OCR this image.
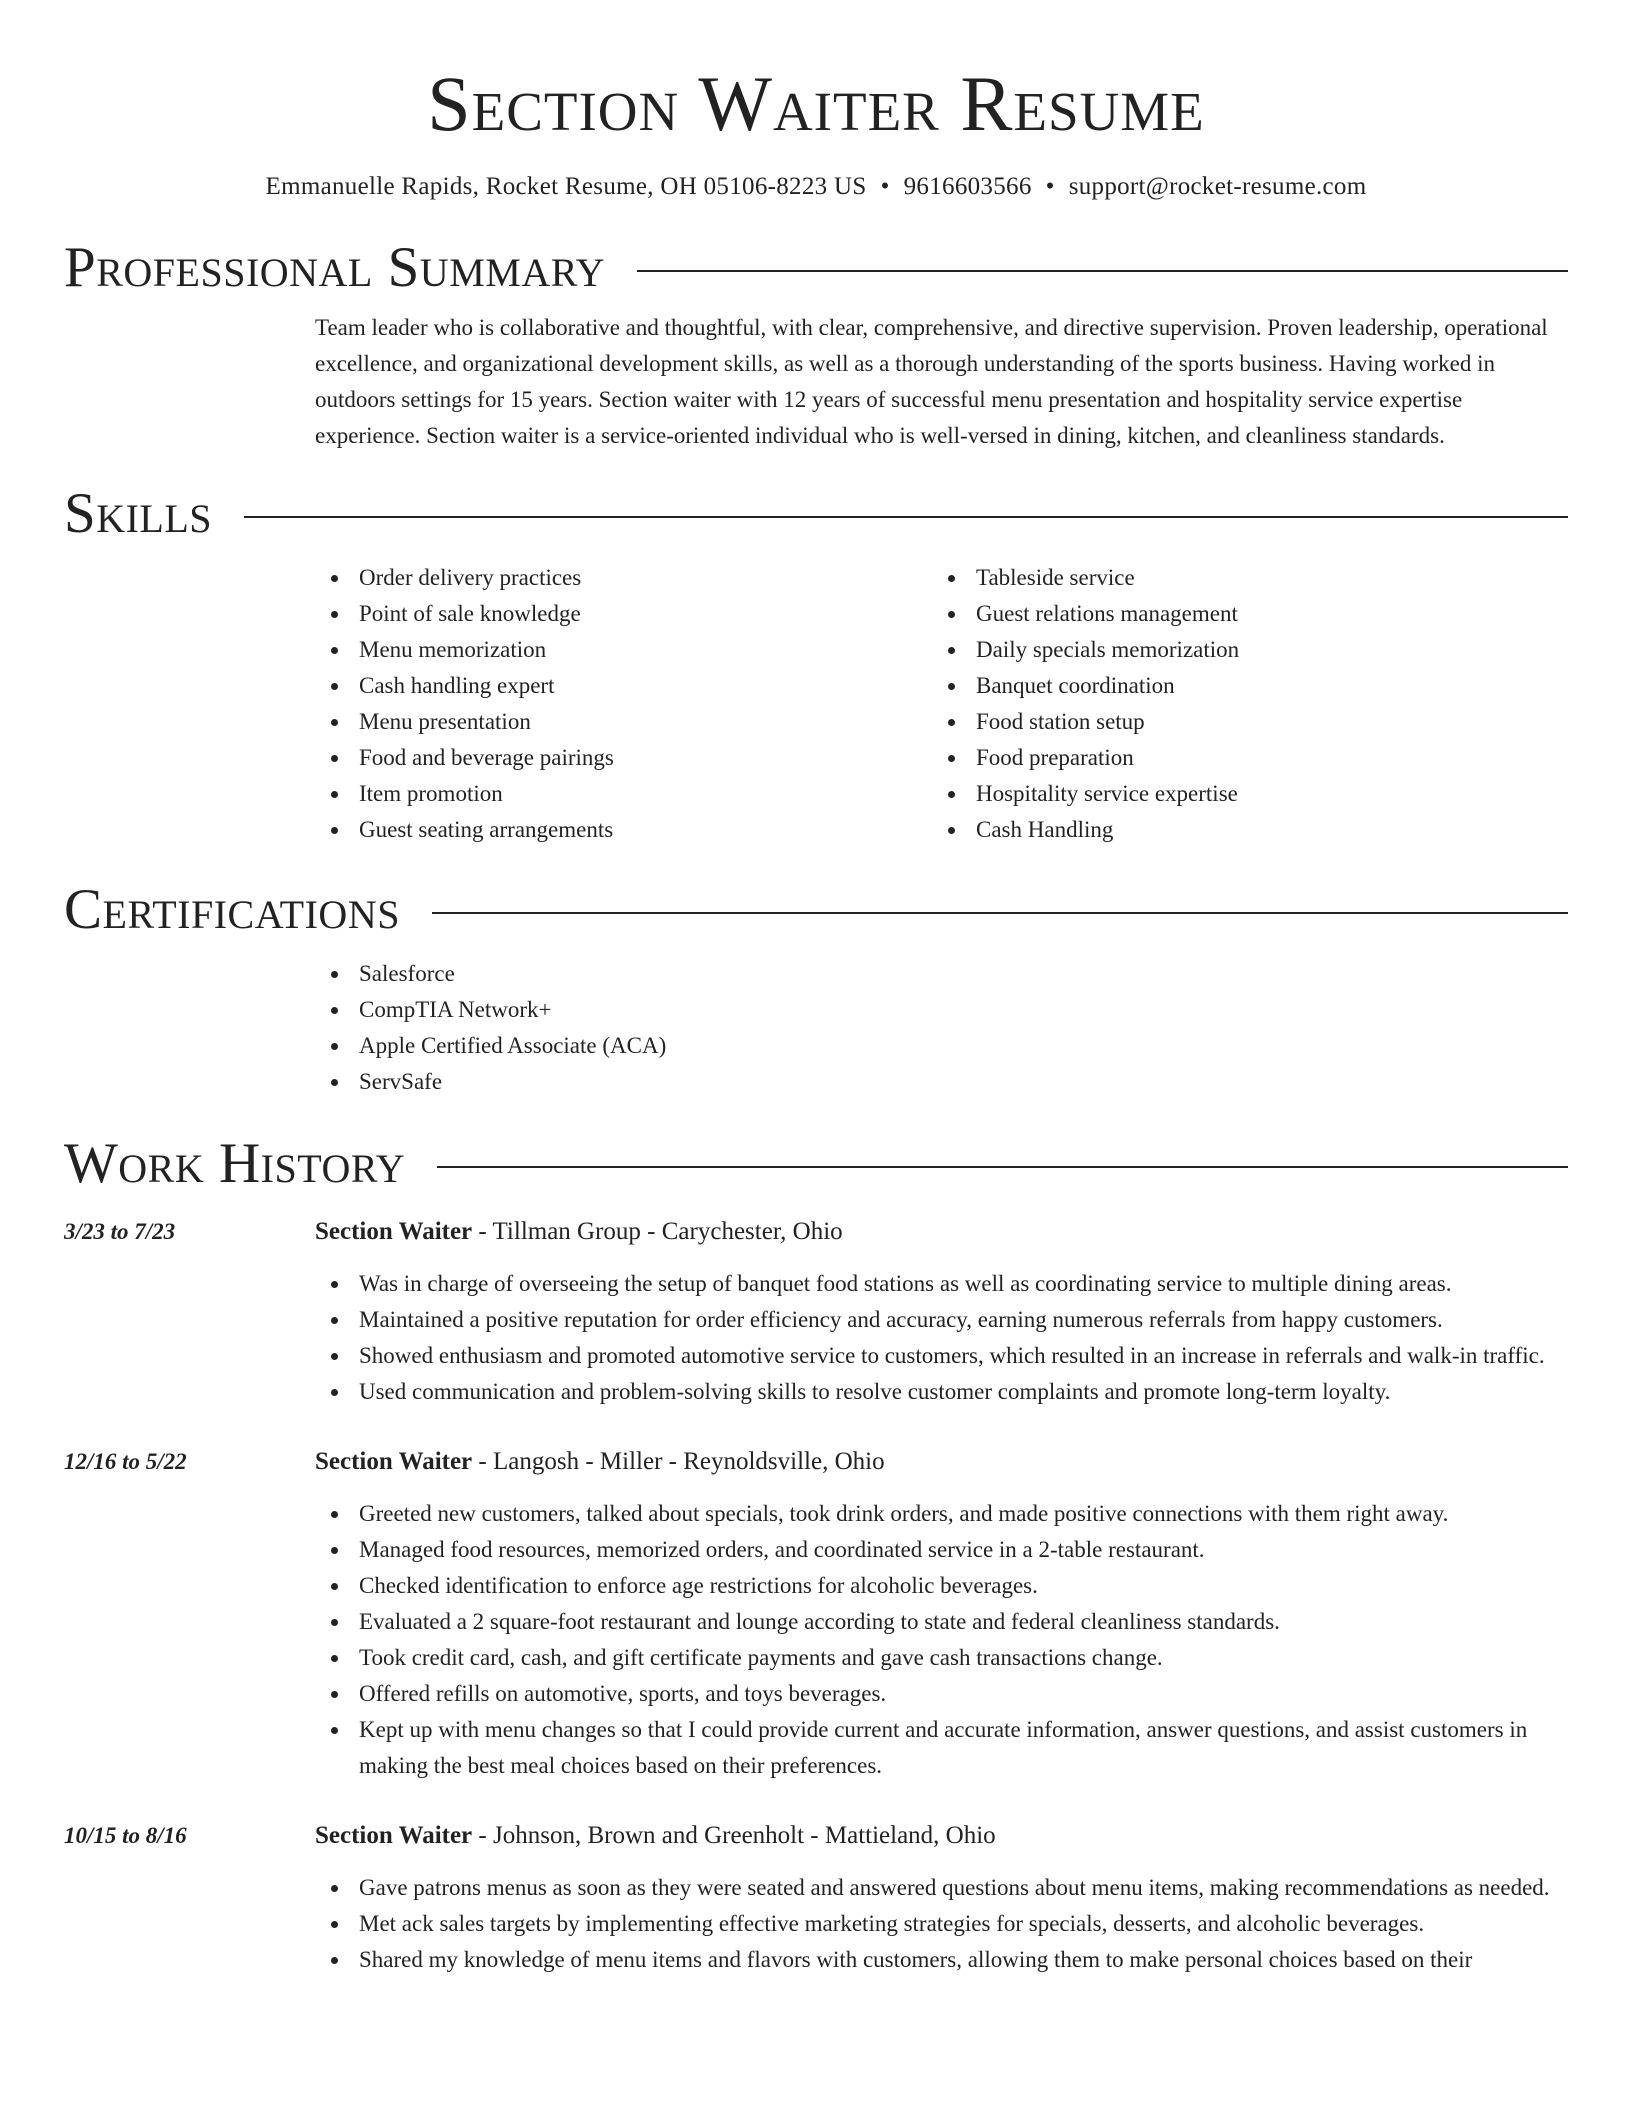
Section Waiter Resume
Emmanuelle Rapids, Rocket Resume, OH 05106-8223 US • 9616603566 • support@rocket-resume.com
Professional Summary
Team leader who is collaborative and thoughtful, with clear, comprehensive, and directive supervision. Proven leadership, operational excellence, and organizational development skills, as well as a thorough understanding of the sports business. Having worked in outdoors settings for 15 years. Section waiter with 12 years of successful menu presentation and hospitality service expertise experience. Section waiter is a service-oriented individual who is well-versed in dining, kitchen, and cleanliness standards.
Skills
Order delivery practices
Point of sale knowledge
Menu memorization
Cash handling expert
Menu presentation
Food and beverage pairings
Item promotion
Guest seating arrangements
Tableside service
Guest relations management
Daily specials memorization
Banquet coordination
Food station setup
Food preparation
Hospitality service expertise
Cash Handling
Certifications
Salesforce
CompTIA Network+
Apple Certified Associate (ACA)
ServSafe
Work History
3/23 to 7/23	Section Waiter - Tillman Group - Carychester, Ohio
Was in charge of overseeing the setup of banquet food stations as well as coordinating service to multiple dining areas.
Maintained a positive reputation for order efficiency and accuracy, earning numerous referrals from happy customers.
Showed enthusiasm and promoted automotive service to customers, which resulted in an increase in referrals and walk-in traffic.
Used communication and problem-solving skills to resolve customer complaints and promote long-term loyalty.
12/16 to 5/22	Section Waiter - Langosh - Miller - Reynoldsville, Ohio
Greeted new customers, talked about specials, took drink orders, and made positive connections with them right away.
Managed food resources, memorized orders, and coordinated service in a 2-table restaurant.
Checked identification to enforce age restrictions for alcoholic beverages.
Evaluated a 2 square-foot restaurant and lounge according to state and federal cleanliness standards.
Took credit card, cash, and gift certificate payments and gave cash transactions change.
Offered refills on automotive, sports, and toys beverages.
Kept up with menu changes so that I could provide current and accurate information, answer questions, and assist customers in making the best meal choices based on their preferences.
10/15 to 8/16	Section Waiter - Johnson, Brown and Greenholt - Mattieland, Ohio
Gave patrons menus as soon as they were seated and answered questions about menu items, making recommendations as needed.
Met ack sales targets by implementing effective marketing strategies for specials, desserts, and alcoholic beverages.
Shared my knowledge of menu items and flavors with customers, allowing them to make personal choices based on their
